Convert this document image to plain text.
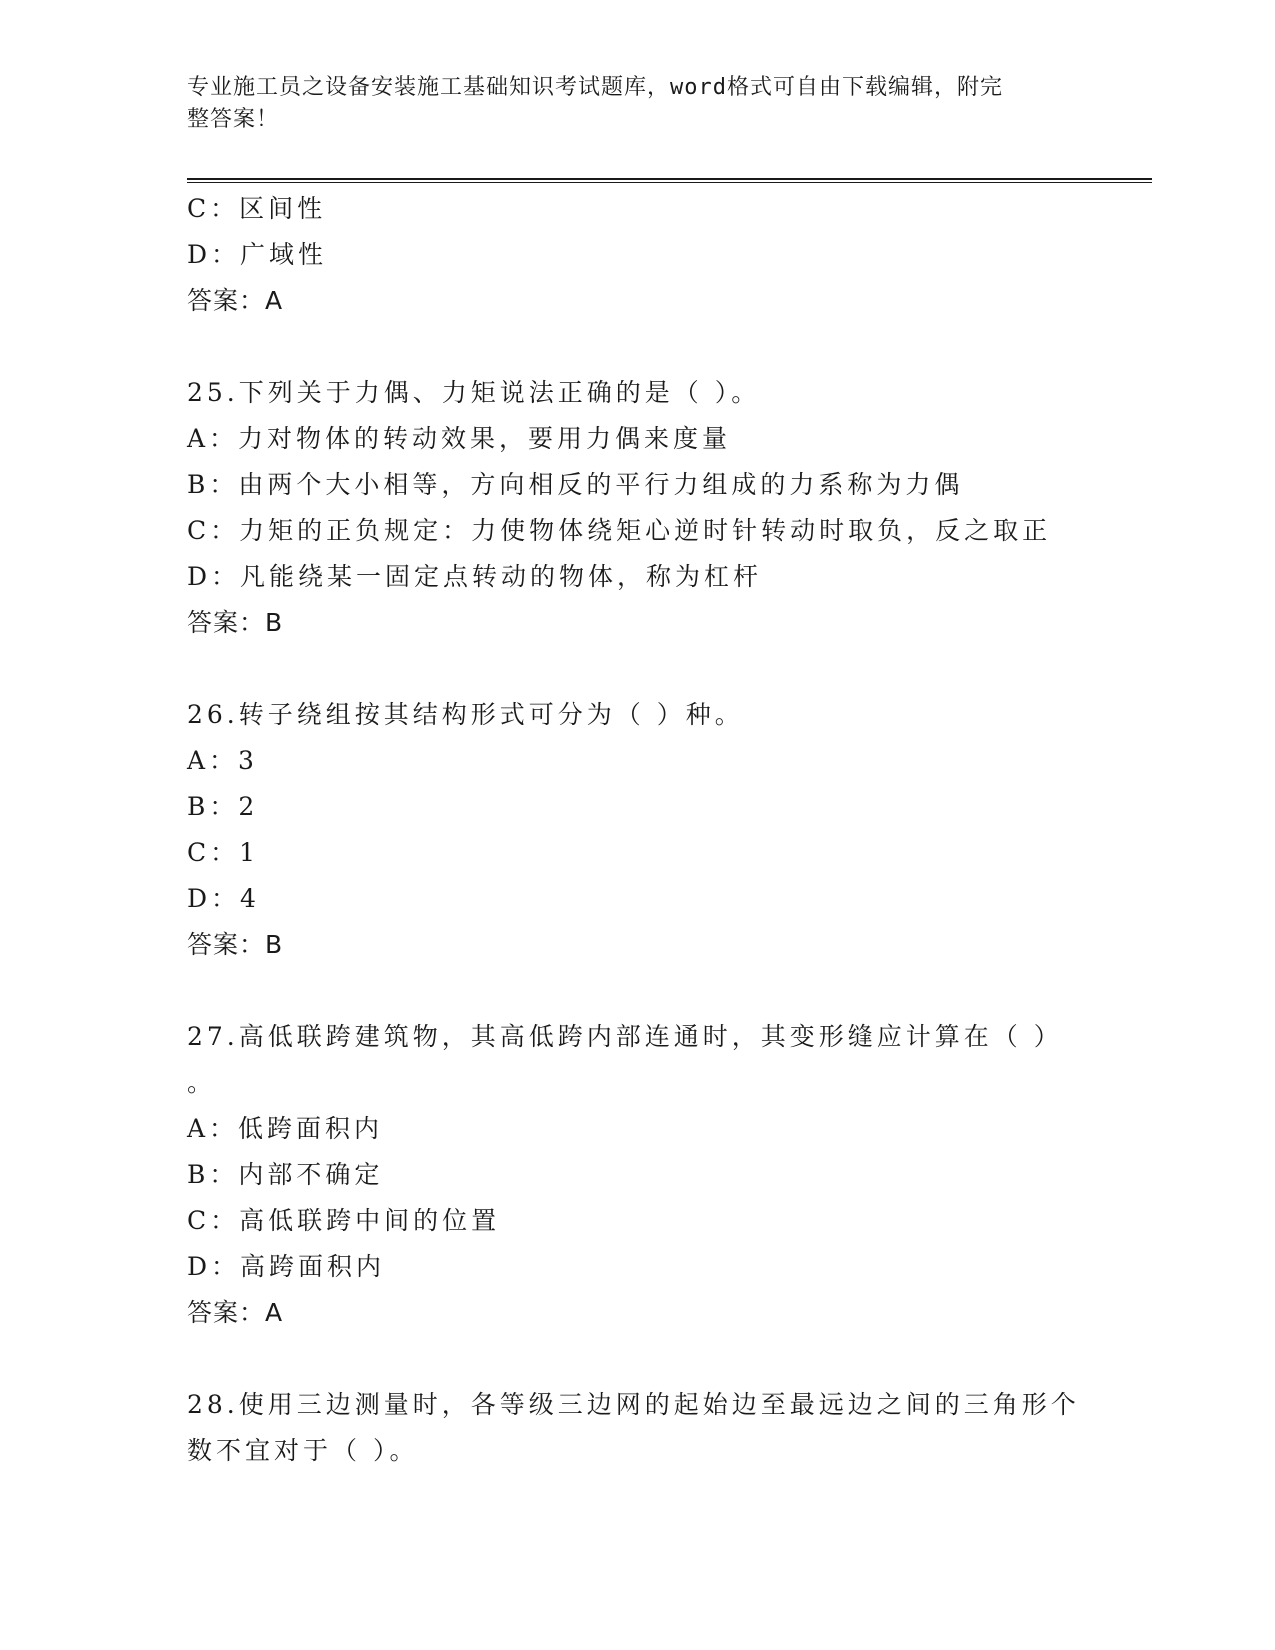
专业施工员之设备安装施工基础知识考试题库，word格式可自由下载编辑，附完
整答案！
C：区间性
D：广域性
答案：A
25.下列关于力偶、力矩说法正确的是（ ）。
A：力对物体的转动效果，要用力偶来度量
B：由两个大小相等，方向相反的平行力组成的力系称为力偶
C：力矩的正负规定：力使物体绕矩心逆时针转动时取负，反之取正
D：凡能绕某一固定点转动的物体，称为杠杆
答案：B
26.转子绕组按其结构形式可分为（ ）种。
A：3
B：2
C：1
D：4
答案：B
27.高低联跨建筑物，其高低跨内部连通时，其变形缝应计算在（ ）
。
A：低跨面积内
B：内部不确定
C：高低联跨中间的位置
D：高跨面积内
答案：A
28.使用三边测量时，各等级三边网的起始边至最远边之间的三角形个
数不宜对于（ ）。
